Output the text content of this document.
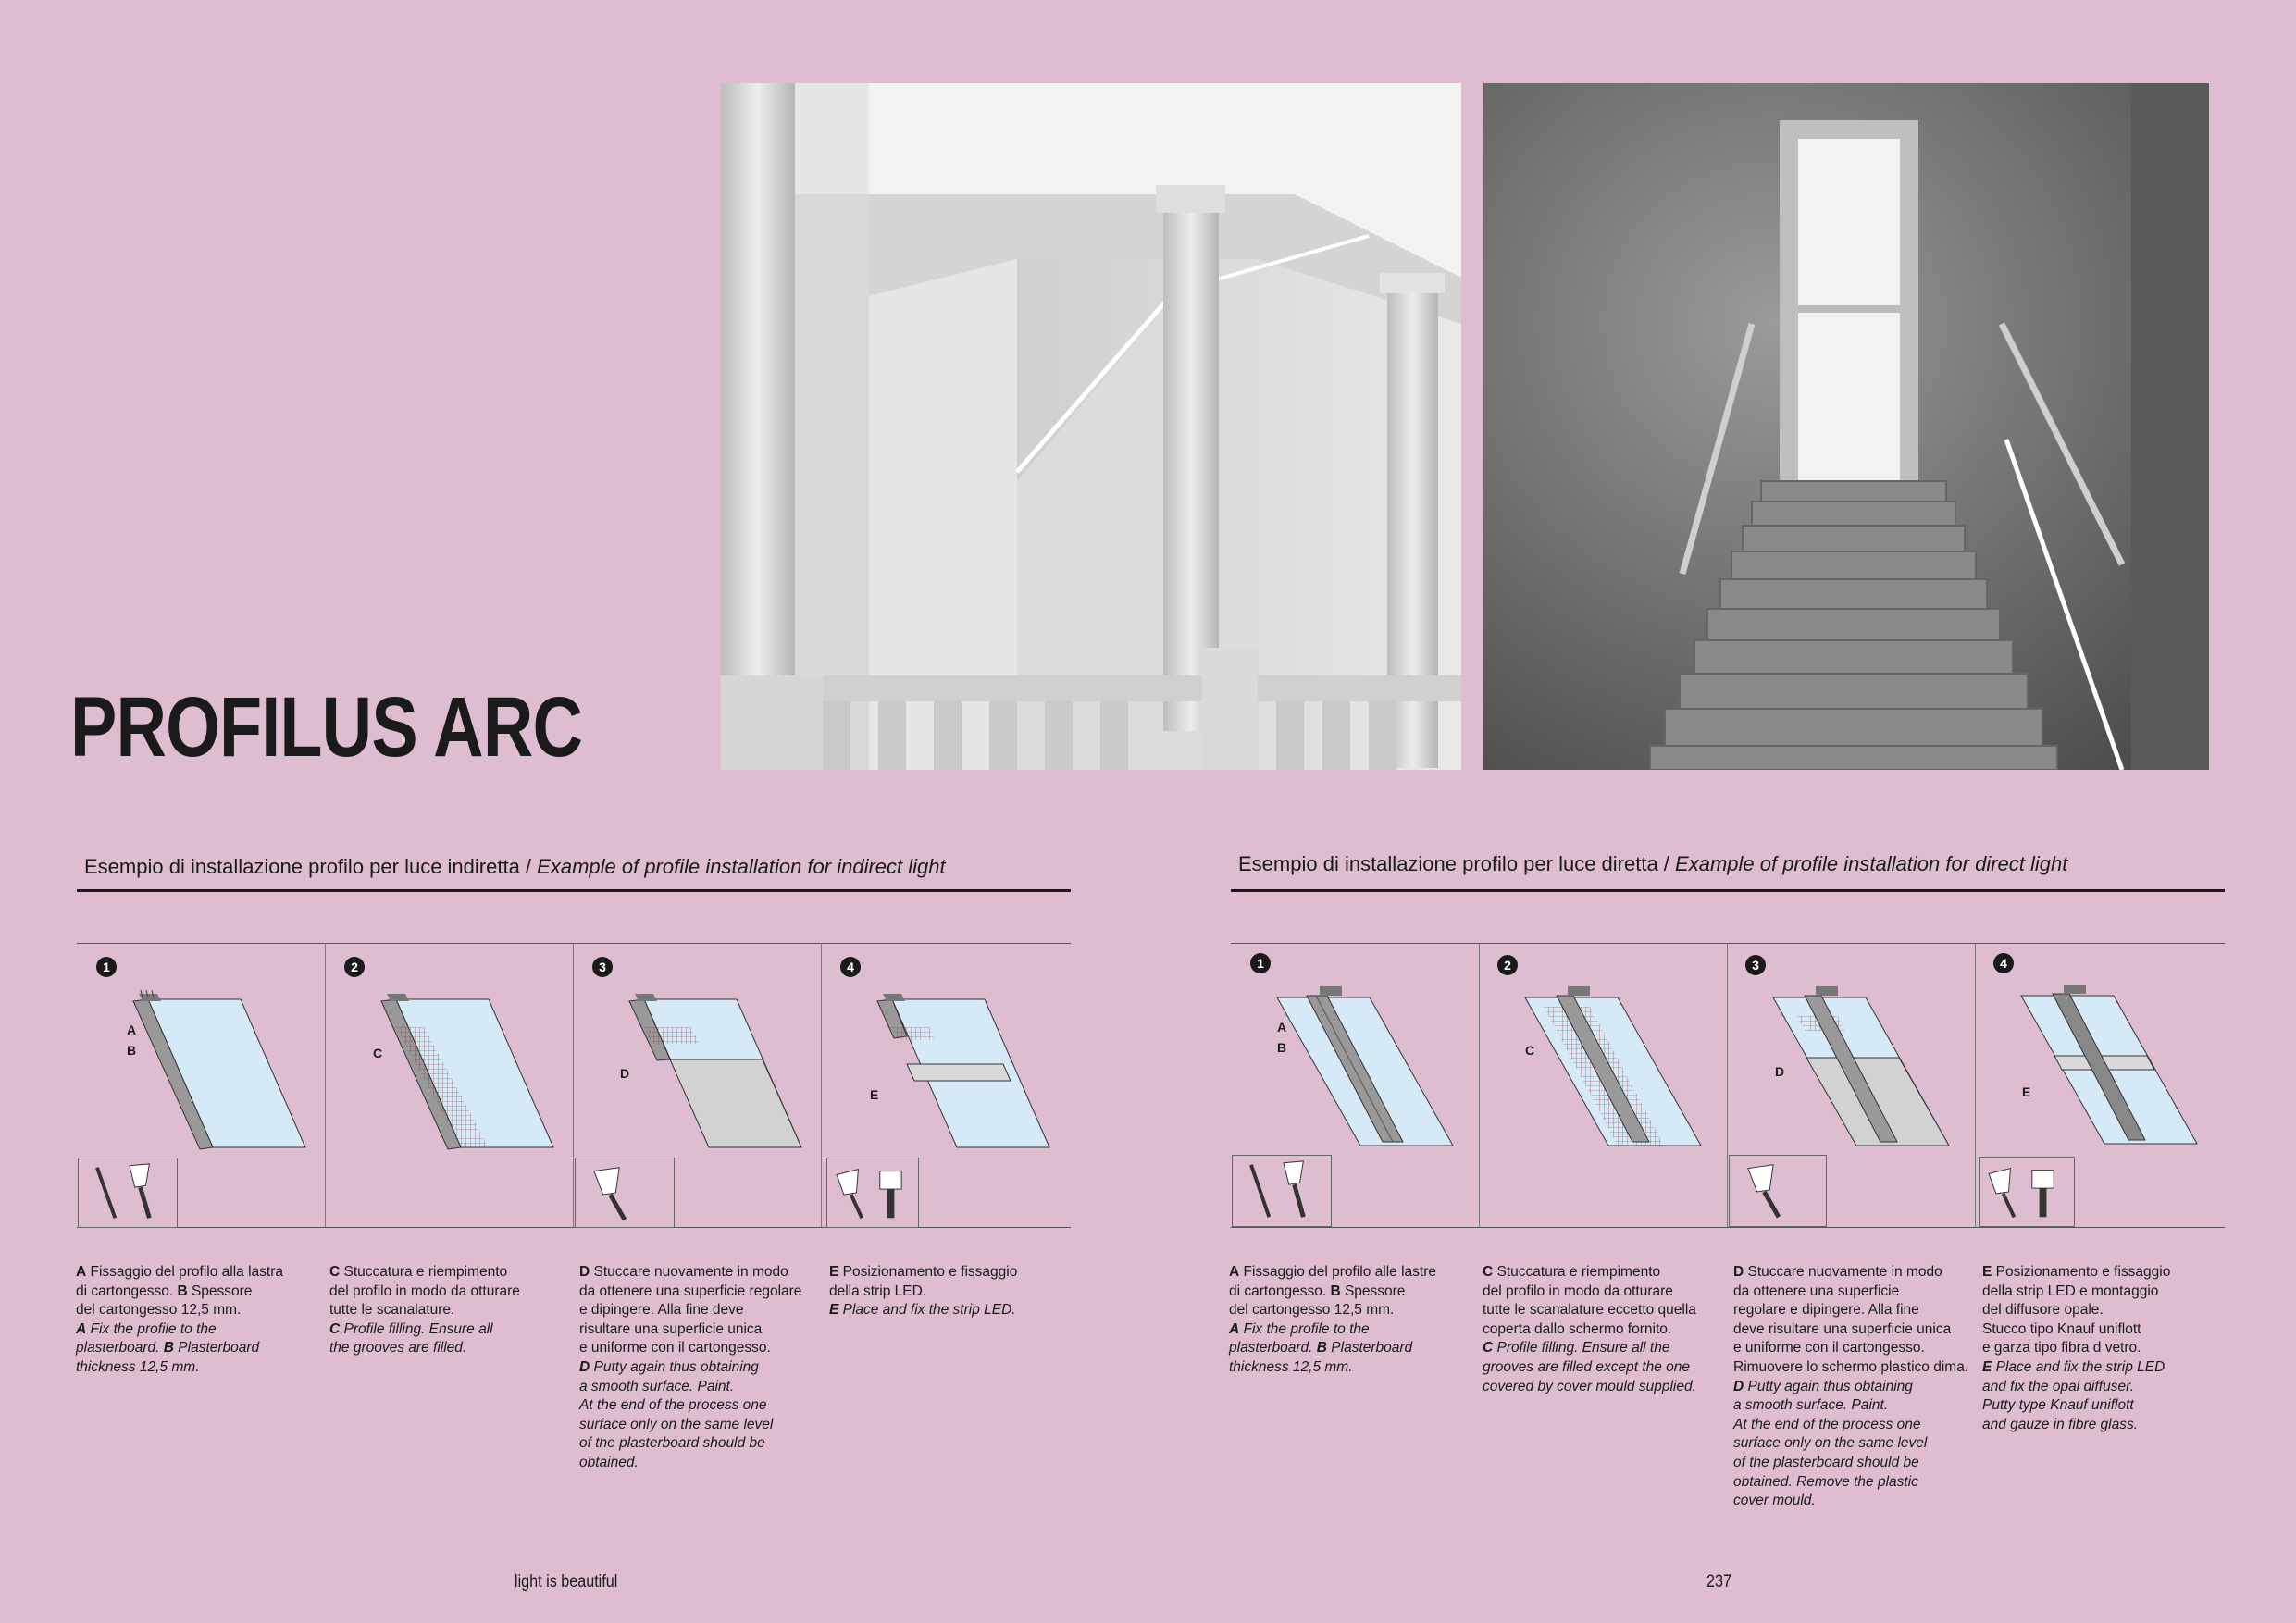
PROFILUS ARC
Esempio di installazione profilo per luce indiretta / Example of profile installation for indirect light	Esempio di installazione profilo per luce diretta / Example of profile installation for direct light
1	2	3	4	1	2	3	4
A
B	C
D
E
A
B	C
D
E

A Fissaggio del profilo alla lastra

di cartongesso. B Spessore

del cartongesso 12,5 mm.

A Fix the profile to the

plasterboard. B Plasterboard

thickness 12,5 mm.

C Stuccatura e riempimento

del profilo in modo da otturare

tutte le scanalature.

C Profile filling. Ensure all

the grooves are filled.

D Stuccare nuovamente in modo

da ottenere una superficie regolare

e dipingere. Alla fine deve

risultare una superficie unica

e uniforme con il cartongesso.

D Putty again thus obtaining

a smooth surface. Paint.

At the end of the process one

surface only on the same level

of the plasterboard should be

obtained.

E Posizionamento e fissaggio

della strip LED.

E Place and fix the strip LED.

A Fissaggio del profilo alle lastre

di cartongesso. B Spessore

del cartongesso 12,5 mm.

A Fix the profile to the

plasterboard. B Plasterboard

thickness 12,5 mm.

C Stuccatura e riempimento

del profilo in modo da otturare

tutte le scanalature eccetto quella

coperta dallo schermo fornito.

C Profile filling. Ensure all the

grooves are filled except the one

covered by cover mould supplied.

D Stuccare nuovamente in modo

da ottenere una superficie

regolare e dipingere. Alla fine

deve risultare una superficie unica

e uniforme con il cartongesso.

Rimuovere lo schermo plastico dima.

D Putty again thus obtaining

a smooth surface. Paint.

At the end of the process one

surface only on the same level

of the plasterboard should be

obtained. Remove the plastic

cover mould.

E Posizionamento e fissaggio

della strip LED e montaggio

del diffusore opale.

Stucco tipo Knauf uniflott

e garza tipo fibra d vetro.

E Place and fix the strip LED

and fix the opal diffuser.

Putty type Knauf uniflott

and gauze in fibre glass.

light is beautiful	237
